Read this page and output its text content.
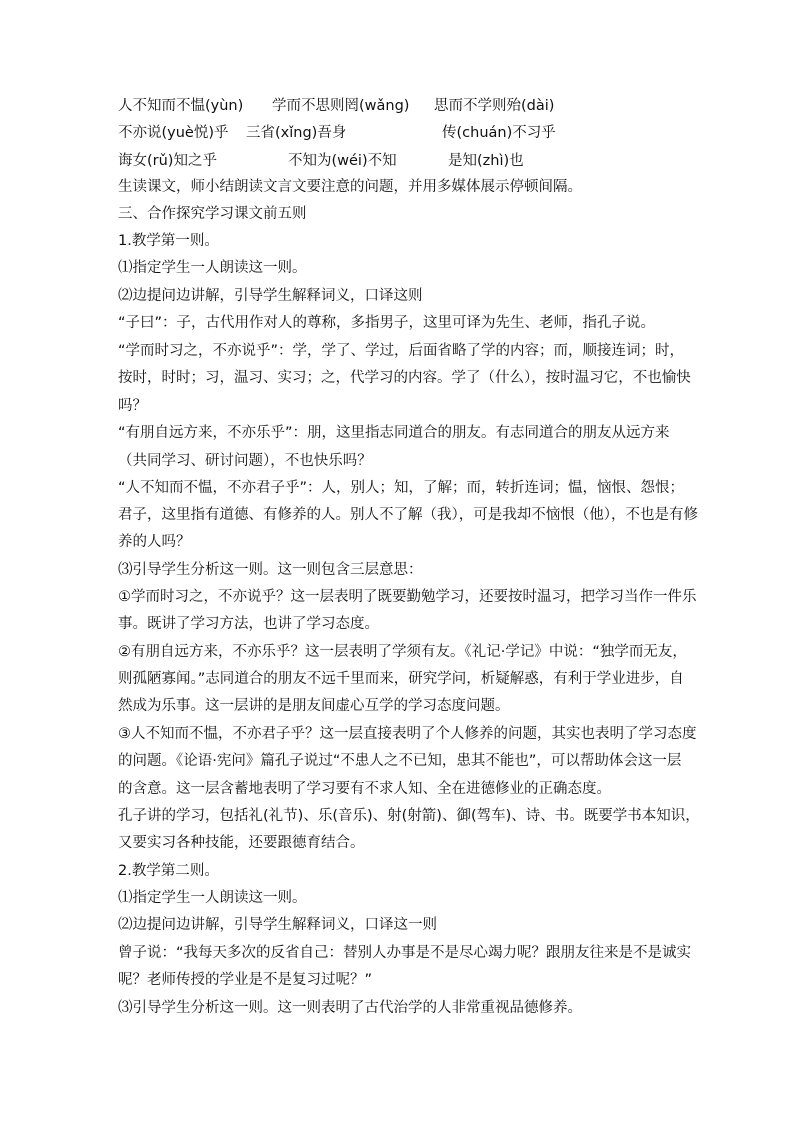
人不知而不愠(yùn) 学而不思则罔(wǎng) 思而不学则殆(dài)
不亦说(yuè悦)乎 三省(xǐng)吾身	传(chuán)不习乎
诲女(rǔ)知之乎	不知为(wéi)不知	是知(zhì)也
生读课文，师小结朗读文言文要注意的问题，并用多媒体展示停顿间隔。
三、合作探究学习课文前五则
1.教学第一则。
⑴指定学生一人朗读这一则。
⑵边提问边讲解，引导学生解释词义，口译这则
“子曰”：子，古代用作对人的尊称，多指男子，这里可译为先生、老师，指孔子说。
“学而时习之，不亦说乎”：学，学了、学过，后面省略了学的内容；而，顺接连词；时，
按时，时时；习，温习、实习；之，代学习的内容。学了（什么），按时温习它，不也愉快
吗？
“有朋自远方来，不亦乐乎”：朋，这里指志同道合的朋友。有志同道合的朋友从远方来
（共同学习、研讨问题），不也快乐吗？
“人不知而不愠，不亦君子乎”：人，别人；知，了解；而，转折连词；愠，恼恨、怨恨；
君子，这里指有道德、有修养的人。别人不了解（我），可是我却不恼恨（他），不也是有修
养的人吗？
⑶引导学生分析这一则。这一则包含三层意思：
①学而时习之，不亦说乎？这一层表明了既要勤勉学习，还要按时温习，把学习当作一件乐
事。既讲了学习方法，也讲了学习态度。
②有朋自远方来，不亦乐乎？这一层表明了学须有友。《礼记·学记》中说：“独学而无友，
则孤陋寡闻。”志同道合的朋友不远千里而来，研究学问，析疑解惑，有利于学业进步，自
然成为乐事。这一层讲的是朋友间虚心互学的学习态度问题。
③人不知而不愠，不亦君子乎？这一层直接表明了个人修养的问题，其实也表明了学习态度
的问题。《论语·宪问》篇孔子说过“不患人之不已知，患其不能也”，可以帮助体会这一层
的含意。这一层含蓄地表明了学习要有不求人知、全在进德修业的正确态度。
孔子讲的学习，包括礼(礼节)、乐(音乐)、射(射箭)、御(驾车)、诗、书。既要学书本知识，
又要实习各种技能，还要跟德育结合。
2.教学第二则。
⑴指定学生一人朗读这一则。
⑵边提问边讲解，引导学生解释词义，口译这一则
曾子说：“我每天多次的反省自己：替别人办事是不是尽心竭力呢？跟朋友往来是不是诚实
呢？老师传授的学业是不是复习过呢？”
⑶引导学生分析这一则。这一则表明了古代治学的人非常重视品德修养。
